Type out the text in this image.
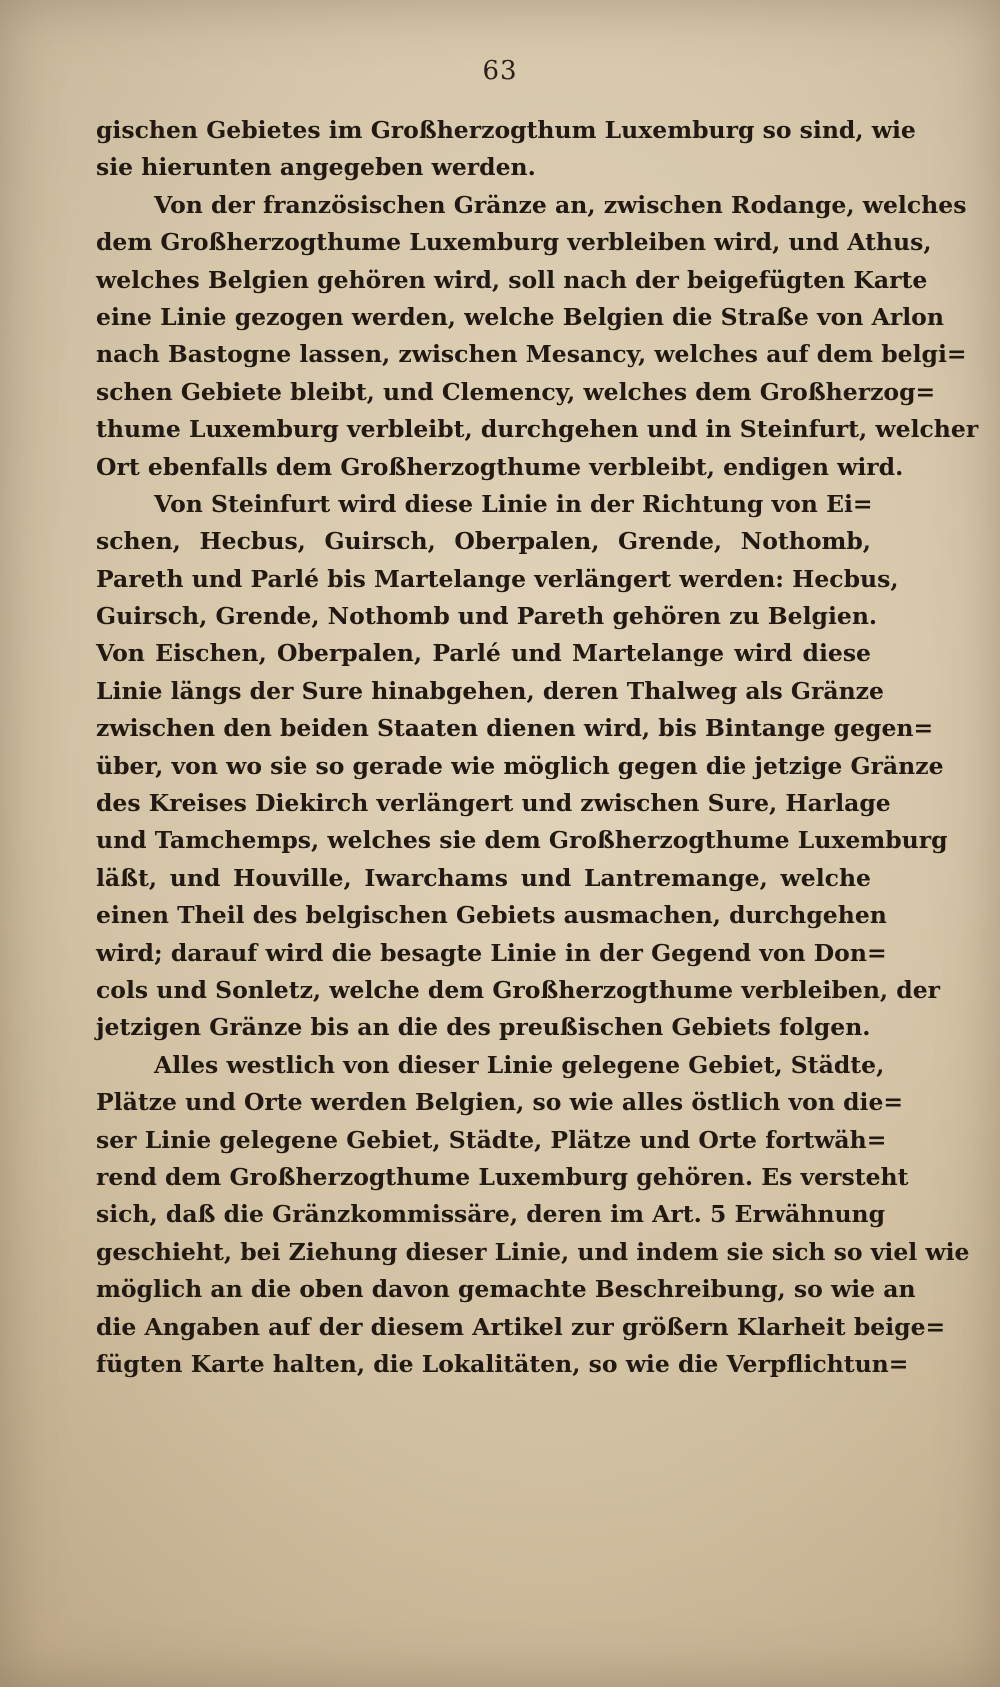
63
gischen Gebietes im Großherzogthum Luxemburg so sind, wie
sie hierunten angegeben werden.
Von der französischen Gränze an, zwischen Rodange, welches
dem Großherzogthume Luxemburg verbleiben wird, und Athus,
welches Belgien gehören wird, soll nach der beigefügten Karte
eine Linie gezogen werden, welche Belgien die Straße von Arlon
nach Bastogne lassen, zwischen Mesancy, welches auf dem belgi=
schen Gebiete bleibt, und Clemency, welches dem Großherzog=
thume Luxemburg verbleibt, durchgehen und in Steinfurt, welcher
Ort ebenfalls dem Großherzogthume verbleibt, endigen wird.
Von Steinfurt wird diese Linie in der Richtung von Ei=
schen, Hecbus, Guirsch, Oberpalen, Grende, Nothomb,
Pareth und Parlé bis Martelange verlängert werden: Hecbus,
Guirsch, Grende, Nothomb und Pareth gehören zu Belgien.
Von Eischen, Oberpalen, Parlé und Martelange wird diese
Linie längs der Sure hinabgehen, deren Thalweg als Gränze
zwischen den beiden Staaten dienen wird, bis Bintange gegen=
über, von wo sie so gerade wie möglich gegen die jetzige Gränze
des Kreises Diekirch verlängert und zwischen Sure, Harlage
und Tamchemps, welches sie dem Großherzogthume Luxemburg
läßt, und Houville, Iwarchams und Lantremange, welche
einen Theil des belgischen Gebiets ausmachen, durchgehen
wird; darauf wird die besagte Linie in der Gegend von Don=
cols und Sonletz, welche dem Großherzogthume verbleiben, der
jetzigen Gränze bis an die des preußischen Gebiets folgen.
Alles westlich von dieser Linie gelegene Gebiet, Städte,
Plätze und Orte werden Belgien, so wie alles östlich von die=
ser Linie gelegene Gebiet, Städte, Plätze und Orte fortwäh=
rend dem Großherzogthume Luxemburg gehören. Es versteht
sich, daß die Gränzkommissäre, deren im Art. 5 Erwähnung
geschieht, bei Ziehung dieser Linie, und indem sie sich so viel wie
möglich an die oben davon gemachte Beschreibung, so wie an
die Angaben auf der diesem Artikel zur größern Klarheit beige=
fügten Karte halten, die Lokalitäten, so wie die Verpflichtun=
